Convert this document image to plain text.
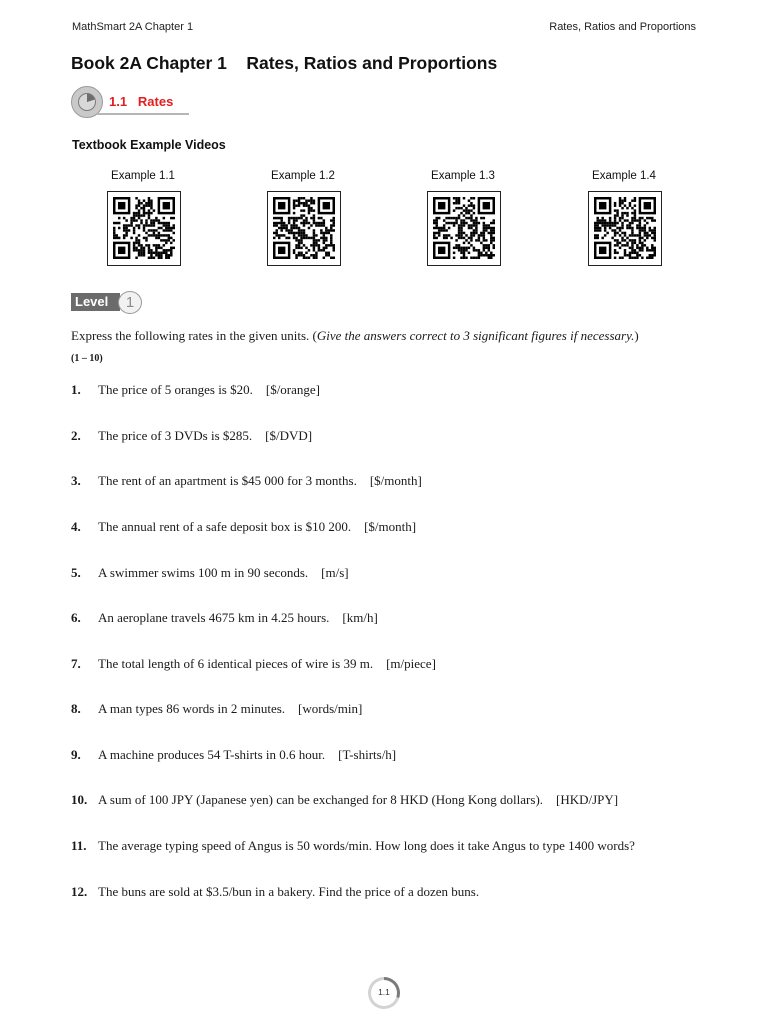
MathSmart 2A Chapter 1	Rates, Ratios and Proportions
Book 2A Chapter 1    Rates, Ratios and Proportions
1.1   Rates
Textbook Example Videos
Example 1.1	Example 1.2	Example 1.3	Example 1.4
Level	1
Express the following rates in the given units. (Give the answers correct to 3 significant figures if necessary.)
(1 – 10)
1. The price of 5 oranges is $20.    [$/orange]
2. The price of 3 DVDs is $285.    [$/DVD]
3. The rent of an apartment is $45 000 for 3 months.    [$/month]
4. The annual rent of a safe deposit box is $10 200.    [$/month]
5. A swimmer swims 100 m in 90 seconds.    [m/s]
6. An aeroplane travels 4675 km in 4.25 hours.    [km/h]
7. The total length of 6 identical pieces of wire is 39 m.    [m/piece]
8. A man types 86 words in 2 minutes.    [words/min]
9. A machine produces 54 T-shirts in 0.6 hour.    [T-shirts/h]
10. A sum of 100 JPY (Japanese yen) can be exchanged for 8 HKD (Hong Kong dollars).    [HKD/JPY]
11. The average typing speed of Angus is 50 words/min. How long does it take Angus to type 1400 words?
12. The buns are sold at $3.5/bun in a bakery. Find the price of a dozen buns.
1.1
